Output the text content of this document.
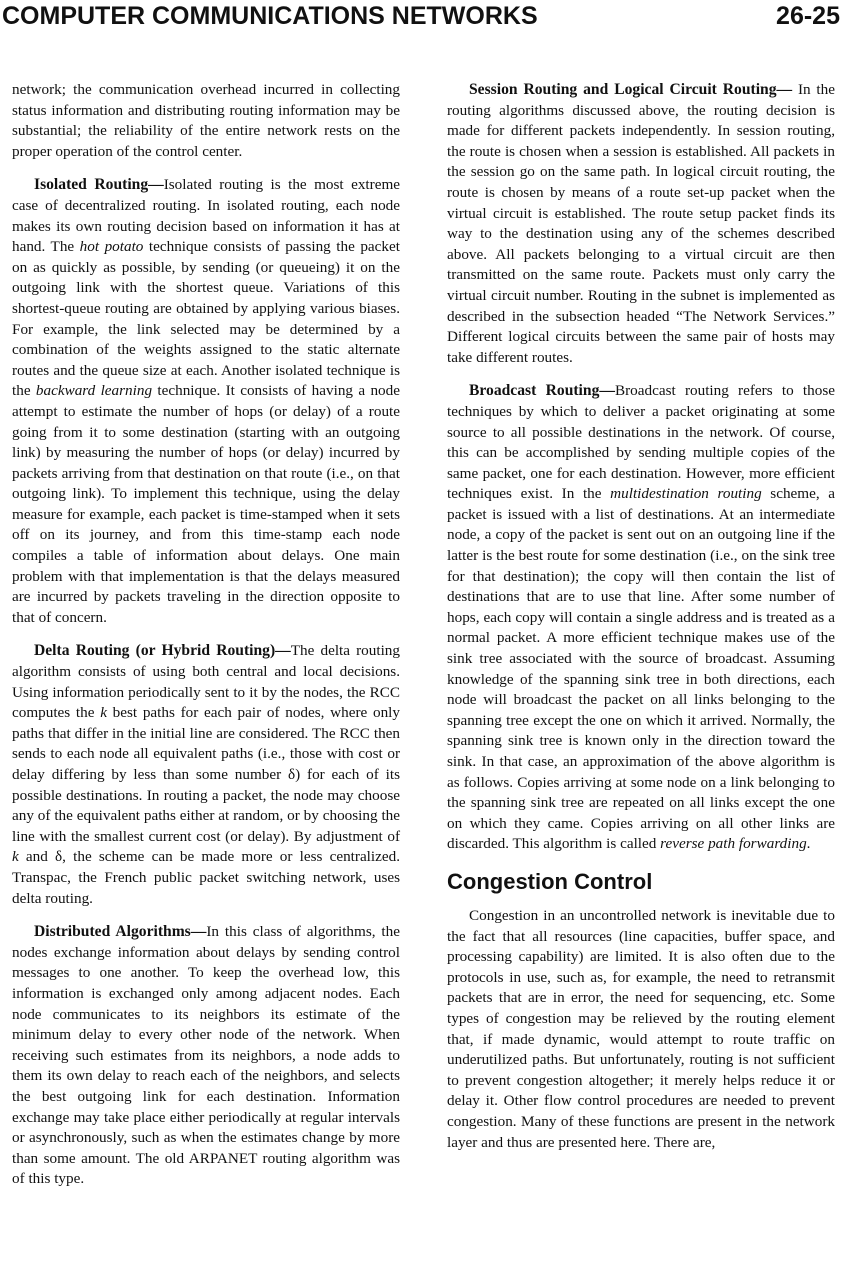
COMPUTER COMMUNICATIONS NETWORKS	26-25

network; the communication overhead incurred in collecting status information and distributing routing information may be substantial; the reliability of the entire network rests on the proper operation of the control center.

Isolated Routing—Isolated routing is the most extreme case of decentralized routing. In isolated routing, each node makes its own routing decision based on information it has at hand. The hot potato technique consists of passing the packet on as quickly as possible, by sending (or queueing) it on the outgoing link with the shortest queue. Variations of this shortest-queue routing are obtained by applying various biases. For example, the link selected may be determined by a combination of the weights assigned to the static alternate routes and the queue size at each. Another isolated technique is the backward learning technique. It consists of having a node attempt to estimate the number of hops (or delay) of a route going from it to some destination (starting with an outgoing link) by measuring the number of hops (or delay) incurred by packets arriving from that destination on that route (i.e., on that outgoing link). To implement this technique, using the delay measure for example, each packet is time-stamped when it sets off on its journey, and from this time-stamp each node compiles a table of information about delays. One main problem with that implementation is that the delays measured are incurred by packets traveling in the direction opposite to that of concern.

Delta Routing (or Hybrid Routing)—The delta routing algorithm consists of using both central and local decisions. Using information periodically sent to it by the nodes, the RCC computes the k best paths for each pair of nodes, where only paths that differ in the initial line are considered. The RCC then sends to each node all equivalent paths (i.e., those with cost or delay differing by less than some number δ) for each of its possible destinations. In routing a packet, the node may choose any of the equivalent paths either at random, or by choosing the line with the smallest current cost (or delay). By adjustment of k and δ, the scheme can be made more or less centralized. Transpac, the French public packet switching network, uses delta routing.

Distributed Algorithms—In this class of algorithms, the nodes exchange information about delays by sending control messages to one another. To keep the overhead low, this information is exchanged only among adjacent nodes. Each node communicates to its neighbors its estimate of the minimum delay to every other node of the network. When receiving such estimates from its neighbors, a node adds to them its own delay to reach each of the neighbors, and selects the best outgoing link for each destination. Information exchange may take place either periodically at regular intervals or asynchronously, such as when the estimates change by more than some amount. The old ARPANET routing algorithm was of this type.

Session Routing and Logical Circuit Routing— In the routing algorithms discussed above, the routing decision is made for different packets independently. In session routing, the route is chosen when a session is established. All packets in the session go on the same path. In logical circuit routing, the route is chosen by means of a route set-up packet when the virtual circuit is established. The route setup packet finds its way to the destination using any of the schemes described above. All packets belonging to a virtual circuit are then transmitted on the same route. Packets must only carry the virtual circuit number. Routing in the subnet is implemented as described in the subsection headed “The Network Services.” Different logical circuits between the same pair of hosts may take different routes.

Broadcast Routing—Broadcast routing refers to those techniques by which to deliver a packet originating at some source to all possible destinations in the network. Of course, this can be accomplished by sending multiple copies of the same packet, one for each destination. However, more efficient techniques exist. In the multidestination routing scheme, a packet is issued with a list of destinations. At an intermediate node, a copy of the packet is sent out on an outgoing line if the latter is the best route for some destination (i.e., on the sink tree for that destination); the copy will then contain the list of destinations that are to use that line. After some number of hops, each copy will contain a single address and is treated as a normal packet. A more efficient technique makes use of the sink tree associated with the source of broadcast. Assuming knowledge of the spanning sink tree in both directions, each node will broadcast the packet on all links belonging to the spanning tree except the one on which it arrived. Normally, the spanning sink tree is known only in the direction toward the sink. In that case, an approximation of the above algorithm is as follows. Copies arriving at some node on a link belonging to the spanning sink tree are repeated on all links except the one on which they came. Copies arriving on all other links are discarded. This algorithm is called reverse path forwarding.

Congestion Control

Congestion in an uncontrolled network is inevitable due to the fact that all resources (line capacities, buffer space, and processing capability) are limited. It is also often due to the protocols in use, such as, for example, the need to retransmit packets that are in error, the need for sequencing, etc. Some types of congestion may be relieved by the routing element that, if made dynamic, would attempt to route traffic on underutilized paths. But unfortunately, routing is not sufficient to prevent congestion altogether; it merely helps reduce it or delay it. Other flow control procedures are needed to prevent congestion. Many of these functions are present in the network layer and thus are presented here. There are,
